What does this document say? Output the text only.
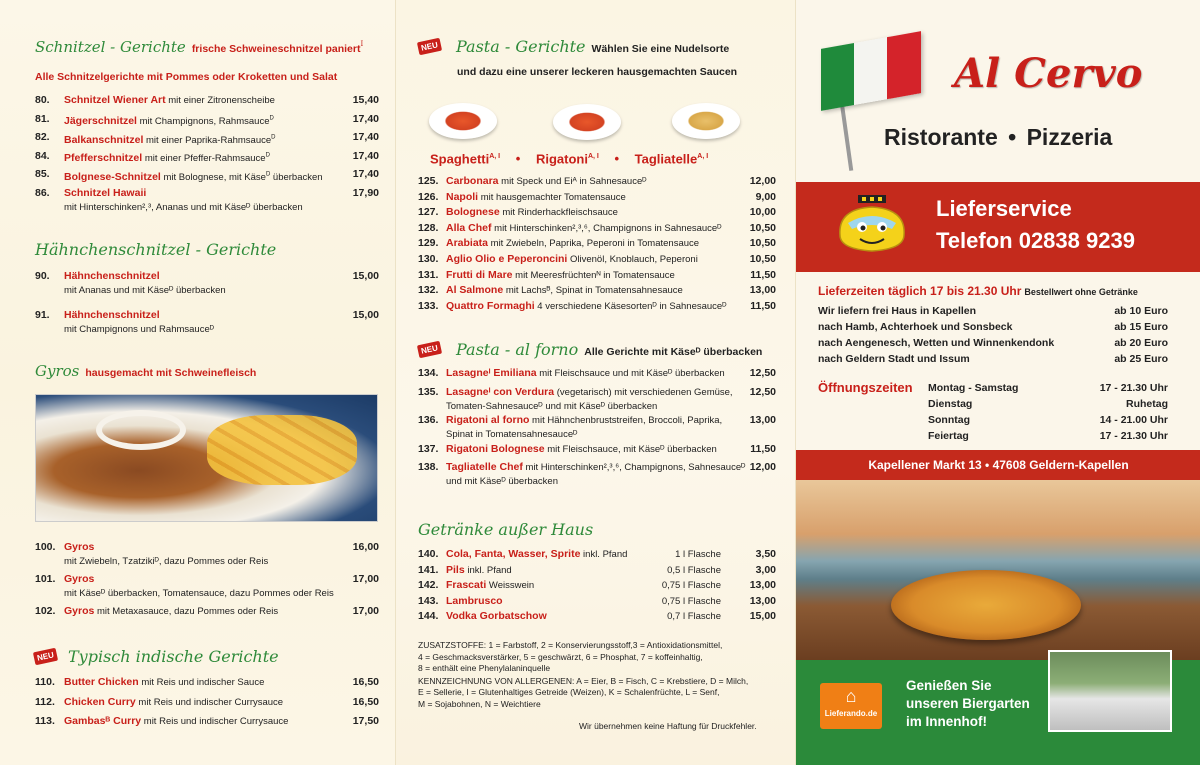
Schnitzel - Gerichte frische Schweineschnitzel paniert$^I$
Alle Schnitzelgerichte mit Pommes oder Kroketten und Salat
80. Schnitzel Wiener Art mit einer Zitronenscheibe	15,40
81. Jägerschnitzel mit Champignons, Rahmsauce$^D$	17,40
82. Balkanschnitzel mit einer Paprika-Rahmsauce$^D$	17,40
84. Pfefferschnitzel mit einer Pfeffer-Rahmsauce$^D$	17,40
85. Bolgnese-Schnitzel mit Bolognese, mit Käse$^D$ überbacken	17,40
86. Schnitzel Hawaii	17,90
mit Hinterschinken²,³, Ananas und mit Käseᴰ überbacken
Hähnchenschnitzel - Gerichte
90. Hähnchenschnitzel	15,00
mit Ananas und mit Käseᴰ überbacken
91. Hähnchenschnitzel	15,00
mit Champignons und Rahmsauceᴰ
Gyros hausgemacht mit Schweinefleisch
100. Gyros	16,00
mit Zwiebeln, Tzatzikiᴰ, dazu Pommes oder Reis
101. Gyros	17,00
mit Käseᴰ überbacken, Tomatensauce, dazu Pommes oder Reis
102. Gyros mit Metaxasauce, dazu Pommes oder Reis	17,00
NEU Typisch indische Gerichte
110. Butter Chicken mit Reis und indischer Sauce	16,50
112. Chicken Curry mit Reis und indischer Currysauce	16,50
113. Gambasᴮ Curry mit Reis und indischer Currysauce	17,50
NEU Pasta - Gerichte Wählen Sie eine Nudelsorte
und dazu eine unserer leckeren hausgemachten Saucen
Spaghetti$^{A, I}$ • Rigatoni$^{A, I}$ • Tagliatelle$^{A, I}$
125. Carbonara mit Speck und Eiᴬ in Sahnesauceᴰ	12,00
126. Napoli mit hausgemachter Tomatensauce	9,00
127. Bolognese mit Rinderhackfleischsauce	10,00
128. Alla Chef mit Hinterschinken²,³,⁶, Champignons in Sahnesauceᴰ	10,50
129. Arabiata mit Zwiebeln, Paprika, Peperoni in Tomatensauce	10,50
130. Aglio Olio e Peperoncini Olivenöl, Knoblauch, Peperoni	10,50
131. Frutti di Mare mit Meeresfrüchtenᴺ in Tomatensauce	11,50
132. Al Salmone mit Lachsᴮ, Spinat in Tomatensahnesauce	13,00
133. Quattro Formaghi 4 verschiedene Käsesortenᴰ in Sahnesauceᴰ 11,50
NEU Pasta - al forno Alle Gerichte mit Käseᴰ überbacken
134. Lasagneᴵ Emiliana mit Fleischsauce und mit Käseᴰ überbacken 12,50
135. Lasagneᴵ con Verdura (vegetarisch) mit verschiedenen Gemüse, 12,50
Tomaten-Sahnesauceᴰ und mit Käseᴰ überbacken
136. Rigatoni al forno mit Hähnchenbruststreifen, Broccoli, Paprika,	13,00
Spinat in Tomatensahnesauceᴰ
137. Rigatoni Bolognese mit Fleischsauce, mit Käseᴰ überbacken	11,50
138. Tagliatelle Chef mit Hinterschinken²,³,⁶, Champignons, Sahnesauceᴰ 12,00
und mit Käseᴰ überbacken
Getränke außer Haus
140. Cola, Fanta, Wasser, Sprite inkl. Pfand	1 l Flasche	3,50
141. Pils inkl. Pfand	0,5 l Flasche	3,00
142. Frascati Weisswein	0,75 l Flasche	13,00
143. Lambrusco	0,75 l Flasche	13,00
144. Vodka Gorbatschow	0,7 l Flasche	15,00
ZUSATZSTOFFE: 1 = Farbstoff, 2 = Konservierungsstoff,3 = Antioxidationsmittel,
4 = Geschmacksverstärker, 5 = geschwärzt, 6 = Phosphat, 7 = koffeinhaltig,
8 = enthält eine Phenylalaninquelle
KENNZEICHNUNG VON ALLERGENEN: A = Eier, B = Fisch, C = Krebstiere, D = Milch,
E = Sellerie, I = Glutenhaltiges Getreide (Weizen), K = Schalenfrüchte, L = Senf,
M = Sojabohnen, N = Weichtiere
Wir übernehmen keine Haftung für Druckfehler.
Al Cervo
Ristorante • Pizzeria
Lieferservice
Telefon 02838 9239
Lieferzeiten täglich 17 bis 21.30 Uhr Bestellwert ohne Getränke
Wir liefern frei Haus in Kapellen	ab 10 Euro
nach Hamb, Achterhoek und Sonsbeck	ab 15 Euro
nach Aengenesch, Wetten und Winnenkendonk	ab 20 Euro
nach Geldern Stadt und Issum	ab 25 Euro
Öffnungszeiten Montag - Samstag	17 - 21.30 Uhr
Dienstag	Ruhetag
Sonntag	14 - 21.00 Uhr
Feiertag	17 - 21.30 Uhr
Kapellener Markt 13 • 47608 Geldern-Kapellen
⌂
Lieferando.de
Genießen Sie
unseren Biergarten
im Innenhof!
